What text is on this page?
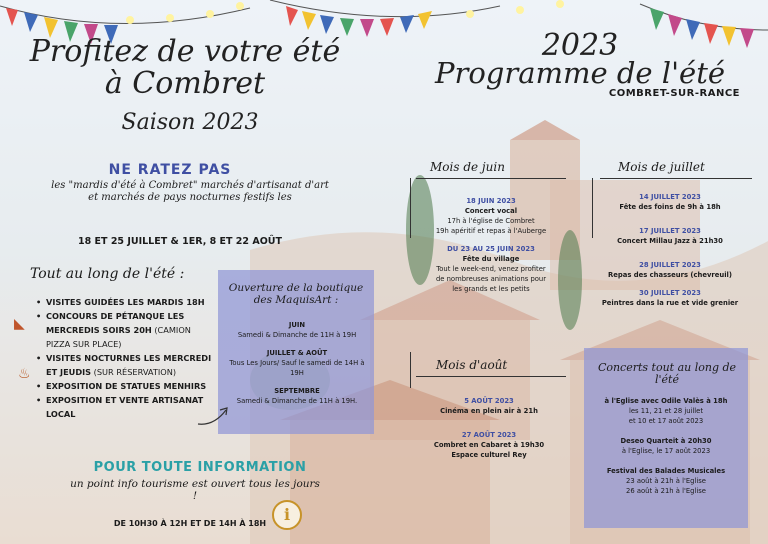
Profitez de votre été à Combret
Saison 2023
NE RATEZ PAS
les "mardis d'été à Combret" marchés d'artisanat d'art et marchés de pays nocturnes festifs les
18 ET 25 JUILLET & 1ER, 8 ET 22 AOÛT
Tout au long de l'été :
• VISITES GUIDÉES LES MARDIS 18H
• CONCOURS DE PÉTANQUE LES MERCREDIS SOIRS 20H (CAMION PIZZA SUR PLACE)
• VISITES NOCTURNES LES MERCREDI ET JEUDIS (SUR RÉSERVATION)
• EXPOSITION DE STATUES MENHIRS
• EXPOSITION ET VENTE ARTISANAT LOCAL
◣
♨
Ouverture de la boutique des MaquisArt :
JUIN
Samedi & Dimanche de 11H à 19H
JUILLET & AOÛT
Tous Les Jours/ Sauf le samedi de 14H à 19H
SEPTEMBRE
Samedi & Dimanche de 11H à 19H.
POUR TOUTE INFORMATION
un point info tourisme est ouvert tous les jours !
DE 10H30 À 12H ET DE 14H À 18H	i
2023
Programme de l'été
COMBRET-SUR-RANCE
Mois de juin
18 JUIN 2023
Concert vocal
17h à l'église de Combret
19h apéritif et repas à l'Auberge
DU 23 AU 25 JUIN 2023
Fête du village
Tout le week-end, venez profiter
de nombreuses animations pour
les grands et les petits
Mois de juillet
14 JUILLET 2023
Fête des foins de 9h à 18h
17 JUILLET 2023
Concert Millau Jazz à 21h30
28 JUILLET 2023
Repas des chasseurs (chevreuil)
30 JUILLET 2023
Peintres dans la rue et vide grenier
Mois d'août
5 AOÛT 2023
Cinéma en plein air à 21h
27 AOÛT 2023
Combret en Cabaret à 19h30
Espace culturel Rey
Concerts tout au long de l'été
à l'Eglise avec Odile Valès à 18h
les 11, 21 et 28 juillet
et 10 et 17 août 2023
Deseo Quarteit à 20h30
à l'Eglise, le 17 août 2023
Festival des Balades Musicales
23 août à 21h à l'Eglise
26 août à 21h à l'Eglise
